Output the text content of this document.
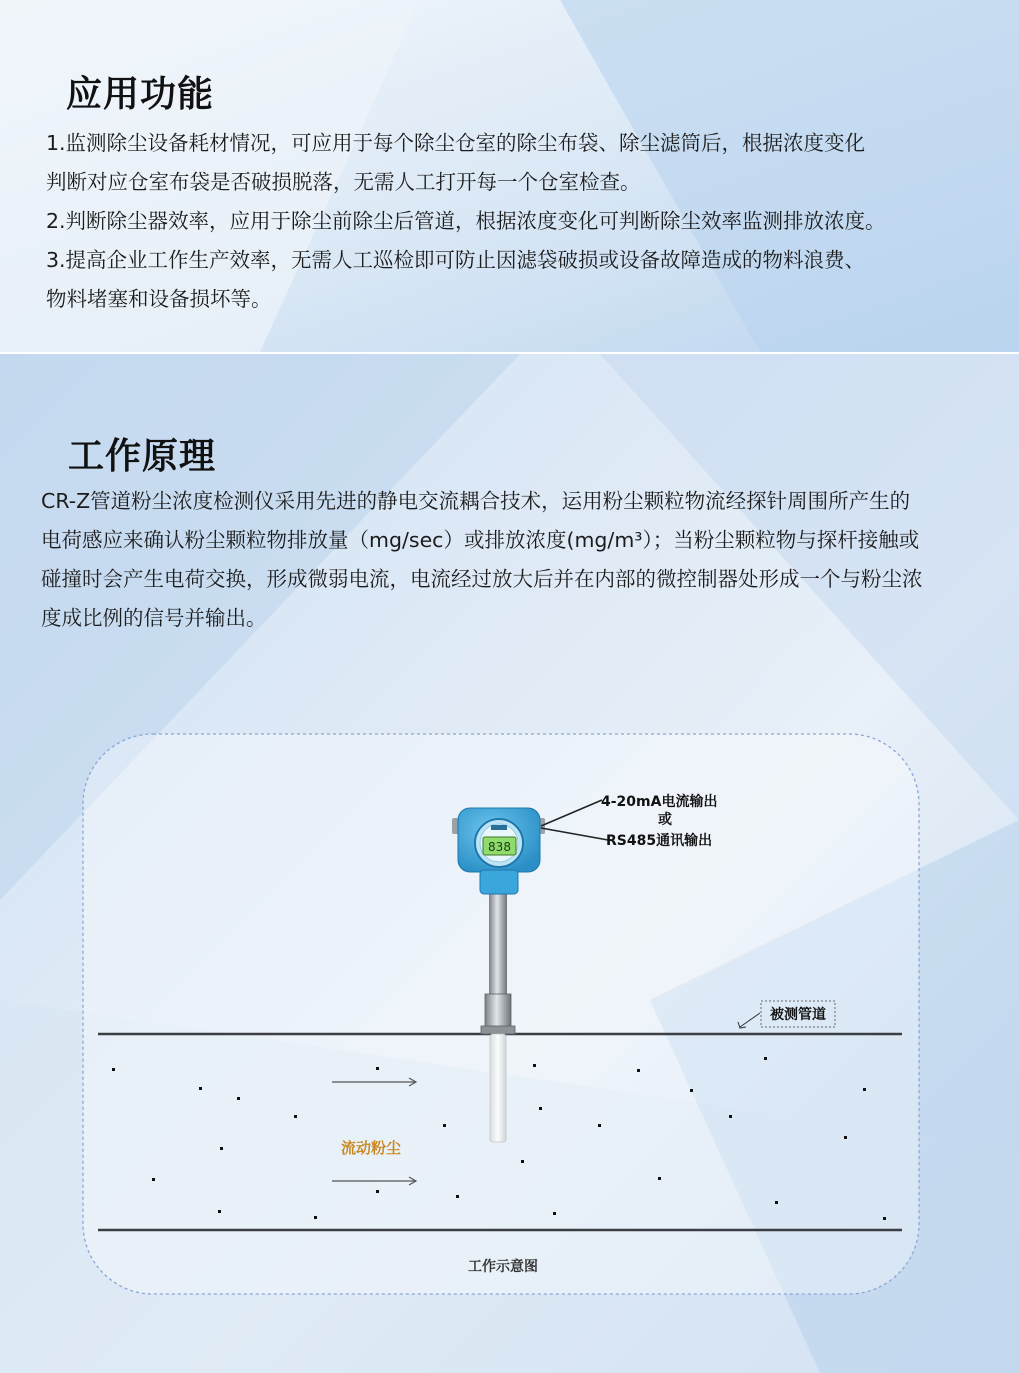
应用功能
1.监测除尘设备耗材情况，可应用于每个除尘仓室的除尘布袋、除尘滤筒后，根据浓度变化
判断对应仓室布袋是否破损脱落，无需人工打开每一个仓室检查。
2.判断除尘器效率，应用于除尘前除尘后管道，根据浓度变化可判断除尘效率监测排放浓度。
3.提高企业工作生产效率，无需人工巡检即可防止因滤袋破损或设备故障造成的物料浪费、
物料堵塞和设备损坏等。
工作原理
CR-Z管道粉尘浓度检测仪采用先进的静电交流耦合技术，运用粉尘颗粒物流经探针周围所产生的
电荷感应来确认粉尘颗粒物排放量（mg/sec）或排放浓度(mg/m³）；当粉尘颗粒物与探杆接触或
碰撞时会产生电荷交换，形成微弱电流，电流经过放大后并在内部的微控制器处形成一个与粉尘浓
度成比例的信号并输出。
流动粉尘
838
4-20mA电流输出
或
RS485通讯输出
被测管道
工作示意图
